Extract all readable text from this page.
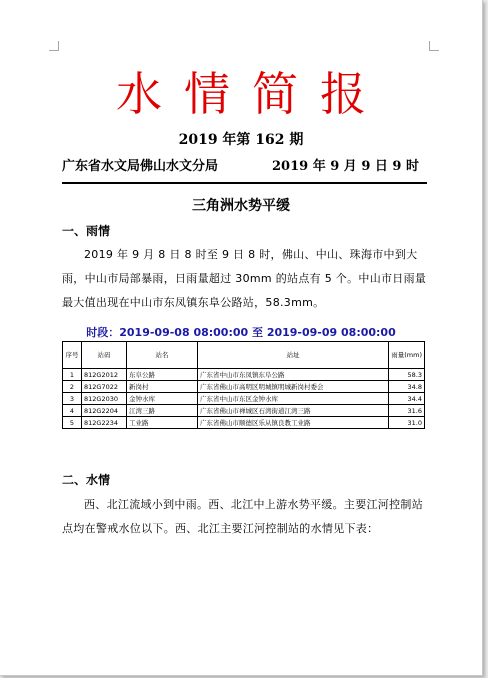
水情简报
2019 年第 162 期
广东省水文局佛山水文分局	2019 年 9 月 9 日 9 时
三角洲水势平缓
一、雨情
2019 年 9 月 8 日 8 时至 9 日 8 时，佛山、中山、珠海市中到大雨，中山市局部暴雨，日雨量超过 30mm 的站点有 5 个。中山市日雨量最大值出现在中山市东凤镇东阜公路站，58.3mm。
时段：2019-09-08 08:00:00 至 2019-09-09 08:00:00
序号	站码	站名	站址	雨量(mm)
1	812G2012	东阜公路	广东省中山市东凤镇东阜公路	58.3
2	812G7022	新岗村	广东省佛山市高明区明城镇明城新岗村委会	34.8
3	812G2030	金钟水库	广东省中山市东区金钟水库	34.4
4	812G2204	江湾三路	广东省佛山市禅城区石湾街道江湾三路	31.6
5	812G2234	工业路	广东省佛山市顺德区乐从镇良教工业路	31.0
二、水情
西、北江流域小到中雨。西、北江中上游水势平缓。主要江河控制站点均在警戒水位以下。西、北江主要江河控制站的水情见下表：
